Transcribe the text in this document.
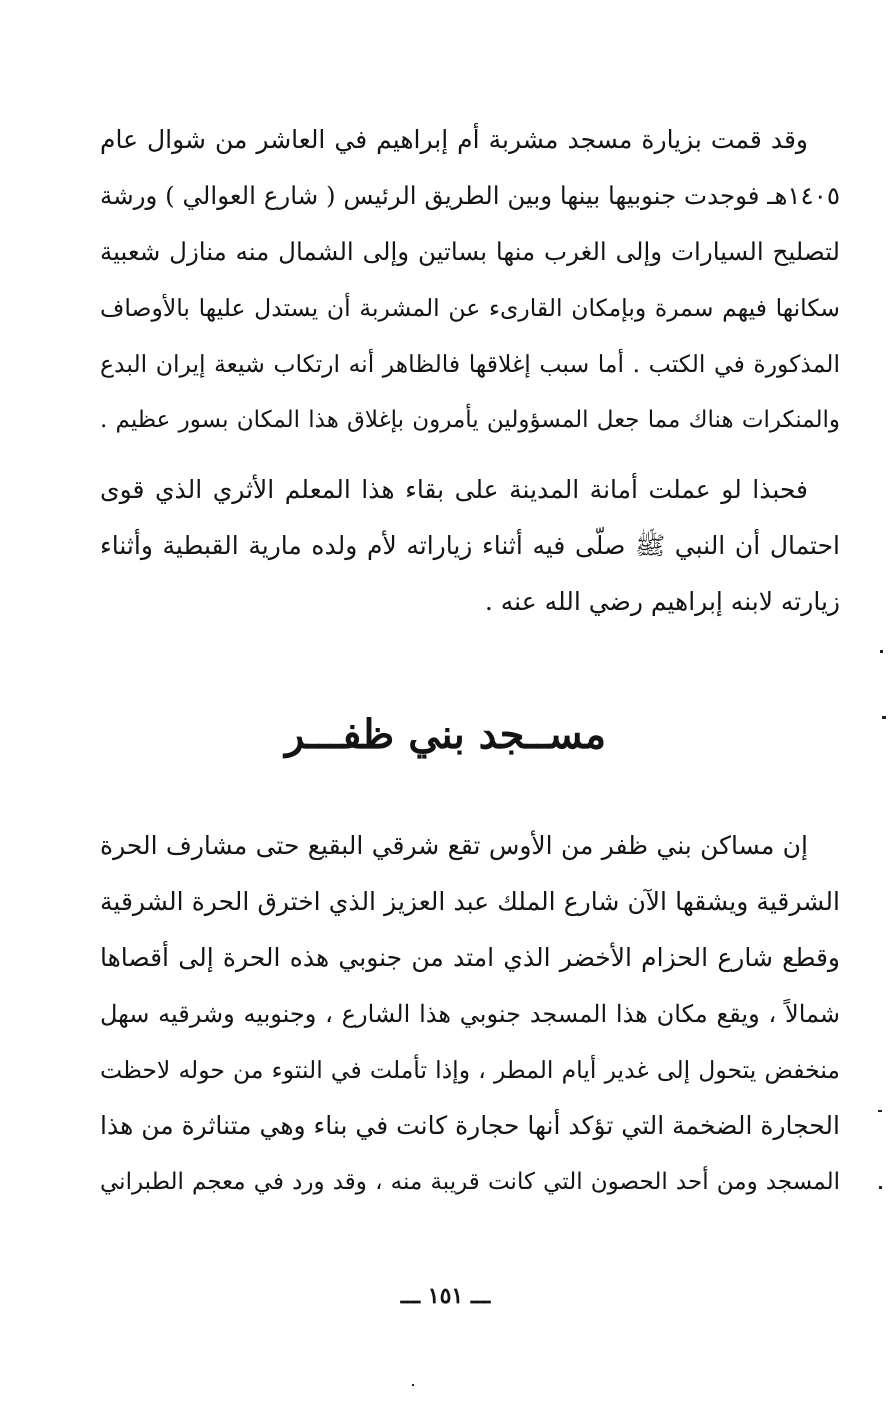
وقد قمت بزيارة مسجد مشربة أم إبراهيم في العاشر من شوال عام
١٤٠٥هـ فوجدت جنوبيها بينها وبين الطريق الرئيس ( شارع العوالي ) ورشة
لتصليح السيارات وإلى الغرب منها بساتين وإلى الشمال منه منازل شعبية
سكانها فيهم سمرة وبإمكان القارىء عن المشربة أن يستدل عليها بالأوصاف
المذكورة في الكتب . أما سبب إغلاقها فالظاهر أنه ارتكاب شيعة إيران البدع
والمنكرات هناك مما جعل المسؤولين يأمرون بإغلاق هذا المكان بسور عظيم .
فحبذا لو عملت أمانة المدينة على بقاء هذا المعلم الأثري الذي قوى
احتمال أن النبي ﷺ صلّى فيه أثناء زياراته لأم ولده مارية القبطية وأثناء
زيارته لابنه إبراهيم رضي الله عنه .
مســجد بني ظفـــر
إن مساكن بني ظفر من الأوس تقع شرقي البقيع حتى مشارف الحرة
الشرقية ويشقها الآن شارع الملك عبد العزيز الذي اخترق الحرة الشرقية
وقطع شارع الحزام الأخضر الذي امتد من جنوبي هذه الحرة إلى أقصاها
شمالاً ، ويقع مكان هذا المسجد جنوبي هذا الشارع ، وجنوبيه وشرقيه سهل
منخفض يتحول إلى غدير أيام المطر ، وإذا تأملت في النتوء من حوله لاحظت
الحجارة الضخمة التي تؤكد أنها حجارة كانت في بناء وهي متناثرة من هذا
المسجد ومن أحد الحصون التي كانت قريبة منه ، وقد ورد في معجم الطبراني
ـــ ١٥١ ـــ
